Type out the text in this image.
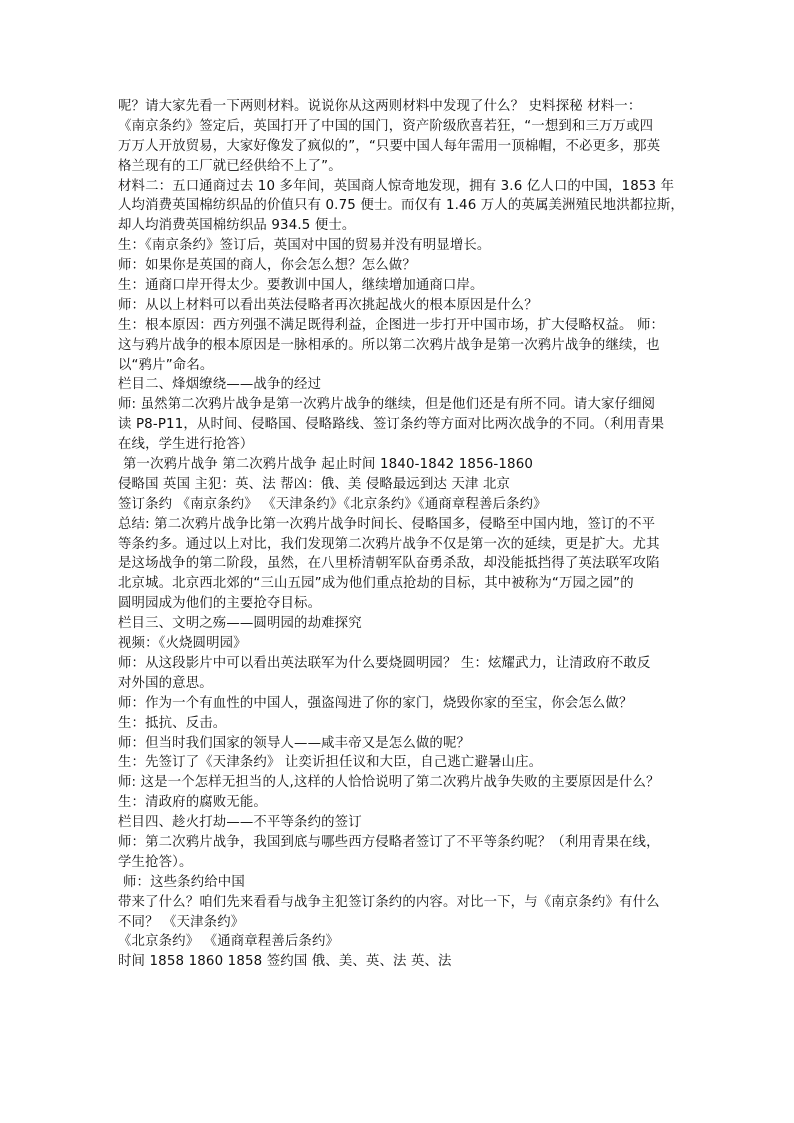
呢？请大家先看一下两则材料。说说你从这两则材料中发现了什么？ 史料探秘 材料一：
《南京条约》签定后，英国打开了中国的国门，资产阶级欣喜若狂，“一想到和三万万或四
万万人开放贸易，大家好像发了疯似的”，“只要中国人每年需用一顶棉帽，不必更多，那英
格兰现有的工厂就已经供给不上了”。
材料二：五口通商过去 10 多年间，英国商人惊奇地发现，拥有 3.6 亿人口的中国，1853 年
人均消费英国棉纺织品的价值只有 0.75 便士。而仅有 1.46 万人的英属美洲殖民地洪都拉斯，
却人均消费英国棉纺织品 934.5 便士。
生：《南京条约》签订后，英国对中国的贸易并没有明显增长。
师：如果你是英国的商人，你会怎么想？怎么做？
生：通商口岸开得太少。要教训中国人，继续增加通商口岸。
师：从以上材料可以看出英法侵略者再次挑起战火的根本原因是什么？
生：根本原因：西方列强不满足既得利益，企图进一步打开中国市场，扩大侵略权益。 师：
这与鸦片战争的根本原因是一脉相承的。所以第二次鸦片战争是第一次鸦片战争的继续，也
以“鸦片”命名。
栏目二、烽烟缭绕——战争的经过
师: 虽然第二次鸦片战争是第一次鸦片战争的继续，但是他们还是有所不同。请大家仔细阅
读 P8-P11，从时间、侵略国、侵略路线、签订条约等方面对比两次战争的不同。（利用青果
在线，学生进行抢答）
第一次鸦片战争 第二次鸦片战争 起止时间 1840-1842 1856-1860
侵略国 英国 主犯：英、法 帮凶：俄、美 侵略最远到达 天津 北京
签订条约 《南京条约》 《天津条约》《北京条约》《通商章程善后条约》
总结: 第二次鸦片战争比第一次鸦片战争时间长、侵略国多，侵略至中国内地，签订的不平
等条约多。通过以上对比，我们发现第二次鸦片战争不仅是第一次的延续，更是扩大。尤其
是这场战争的第二阶段，虽然，在八里桥清朝军队奋勇杀敌，却没能抵挡得了英法联军攻陷
北京城。北京西北郊的“三山五园”成为他们重点抢劫的目标，其中被称为“万园之园”的
圆明园成为他们的主要抢夺目标。
栏目三、文明之殇——圆明园的劫难探究
视频：《火烧圆明园》
师：从这段影片中可以看出英法联军为什么要烧圆明园？ 生：炫耀武力，让清政府不敢反
对外国的意思。
师：作为一个有血性的中国人，强盗闯进了你的家门，烧毁你家的至宝，你会怎么做？
生：抵抗、反击。
师：但当时我们国家的领导人——咸丰帝又是怎么做的呢？
生：先签订了《天津条约》 让奕䜣担任议和大臣，自己逃亡避暑山庄。
师: 这是一个怎样无担当的人,这样的人恰恰说明了第二次鸦片战争失败的主要原因是什么？
生：清政府的腐败无能。
栏目四、趁火打劫——不平等条约的签订
师：第二次鸦片战争，我国到底与哪些西方侵略者签订了不平等条约呢？（利用青果在线，
学生抢答）。
师：这些条约给中国
带来了什么？咱们先来看看与战争主犯签订条约的内容。对比一下，与《南京条约》有什么
不同？ 《天津条约》
《北京条约》 《通商章程善后条约》
时间 1858 1860 1858 签约国 俄、美、英、法 英、法
